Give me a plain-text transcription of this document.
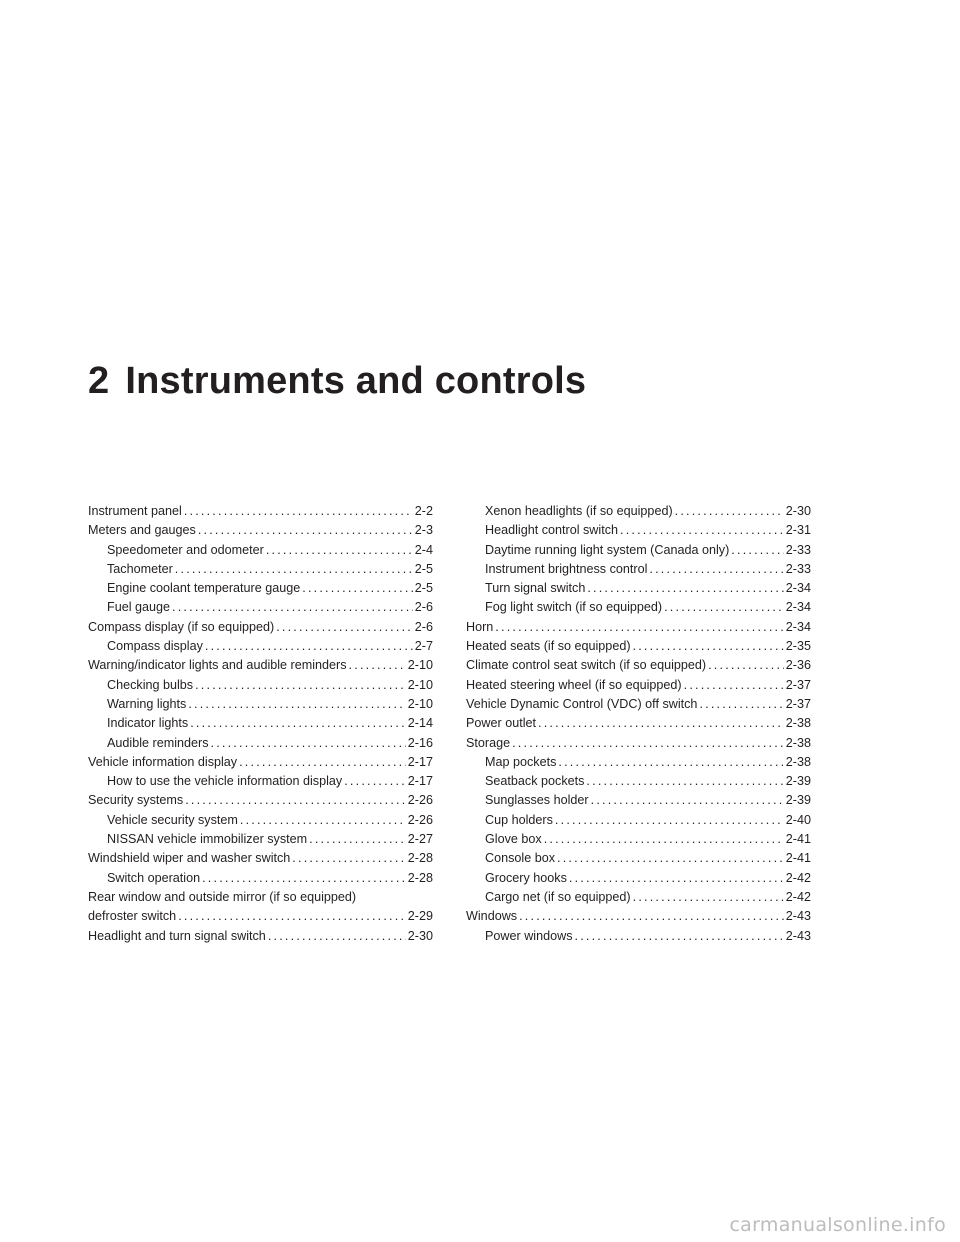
2 Instruments and controls
Instrument panel .....	2-2
Meters and gauges .....	2-3
Speedometer and odometer .....	2-4
Tachometer .....	2-5
Engine coolant temperature gauge .....	2-5
Fuel gauge .....	2-6
Compass display (if so equipped) .....	2-6
Compass display .....	2-7
Warning/indicator lights and audible reminders .....	2-10
Checking bulbs .....	2-10
Warning lights .....	2-10
Indicator lights .....	2-14
Audible reminders .....	2-16
Vehicle information display .....	2-17
How to use the vehicle information display .....	2-17
Security systems .....	2-26
Vehicle security system .....	2-26
NISSAN vehicle immobilizer system .....	2-27
Windshield wiper and washer switch .....	2-28
Switch operation .....	2-28
Rear window and outside mirror (if so equipped)
defroster switch .....	2-29
Headlight and turn signal switch .....	2-30
Xenon headlights (if so equipped) .....	2-30
Headlight control switch .....	2-31
Daytime running light system (Canada only) .....	2-33
Instrument brightness control .....	2-33
Turn signal switch .....	2-34
Fog light switch (if so equipped) .....	2-34
Horn .....	2-34
Heated seats (if so equipped) .....	2-35
Climate control seat switch (if so equipped) .....	2-36
Heated steering wheel (if so equipped) .....	2-37
Vehicle Dynamic Control (VDC) off switch .....	2-37
Power outlet .....	2-38
Storage .....	2-38
Map pockets .....	2-38
Seatback pockets .....	2-39
Sunglasses holder .....	2-39
Cup holders .....	2-40
Glove box .....	2-41
Console box .....	2-41
Grocery hooks .....	2-42
Cargo net (if so equipped) .....	2-42
Windows .....	2-43
Power windows .....	2-43
carmanualsonline.info
